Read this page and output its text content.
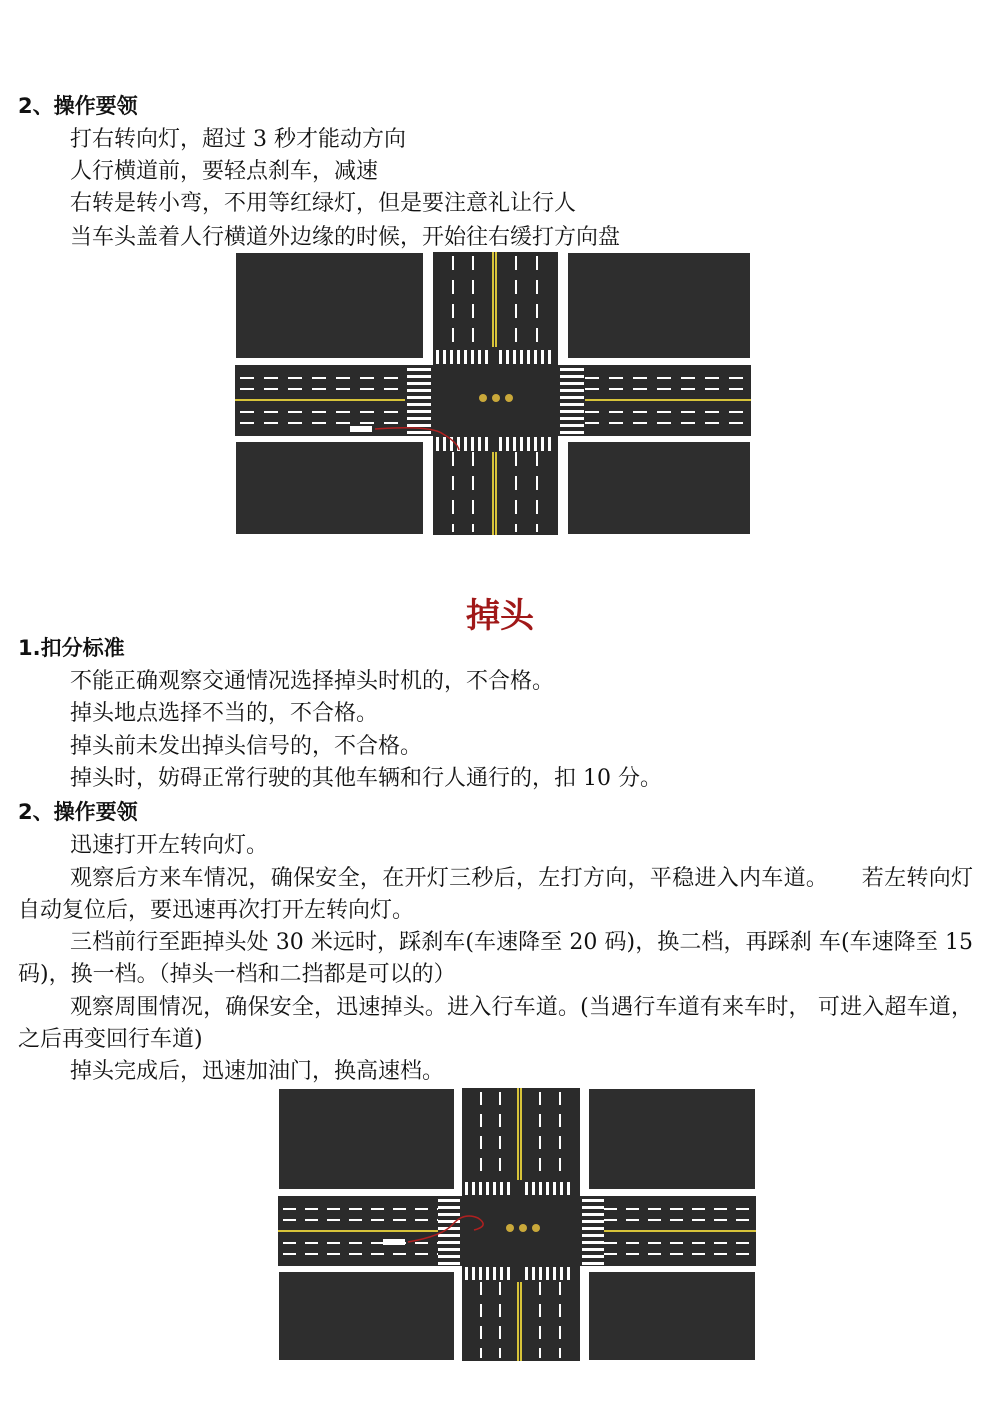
2、操作要领
打右转向灯，超过 3 秒才能动方向
人行横道前，要轻点刹车，减速
右转是转小弯，不用等红绿灯，但是要注意礼让行人
当车头盖着人行横道外边缘的时候，开始往右缓打方向盘
掉头
1.扣分标准
不能正确观察交通情况选择掉头时机的，不合格。
掉头地点选择不当的，不合格。
掉头前未发出掉头信号的，不合格。
掉头时，妨碍正常行驶的其他车辆和行人通行的，扣 10 分。
2、操作要领
迅速打开左转向灯。
观察后方来车情况，确保安全，在开灯三秒后，左打方向，平稳进入内车道。　　若左转向灯自动复位后，要迅速再次打开左转向灯。
三档前行至距掉头处 30 米远时，踩刹车(车速降至 20 码)，换二档，再踩刹 车(车速降至 15 码)，换一档。（掉头一档和二挡都是可以的）
观察周围情况，确保安全，迅速掉头。进入行车道。(当遇行车道有来车时， 可进入超车道，之后再变回行车道)
掉头完成后，迅速加油门，换高速档。
